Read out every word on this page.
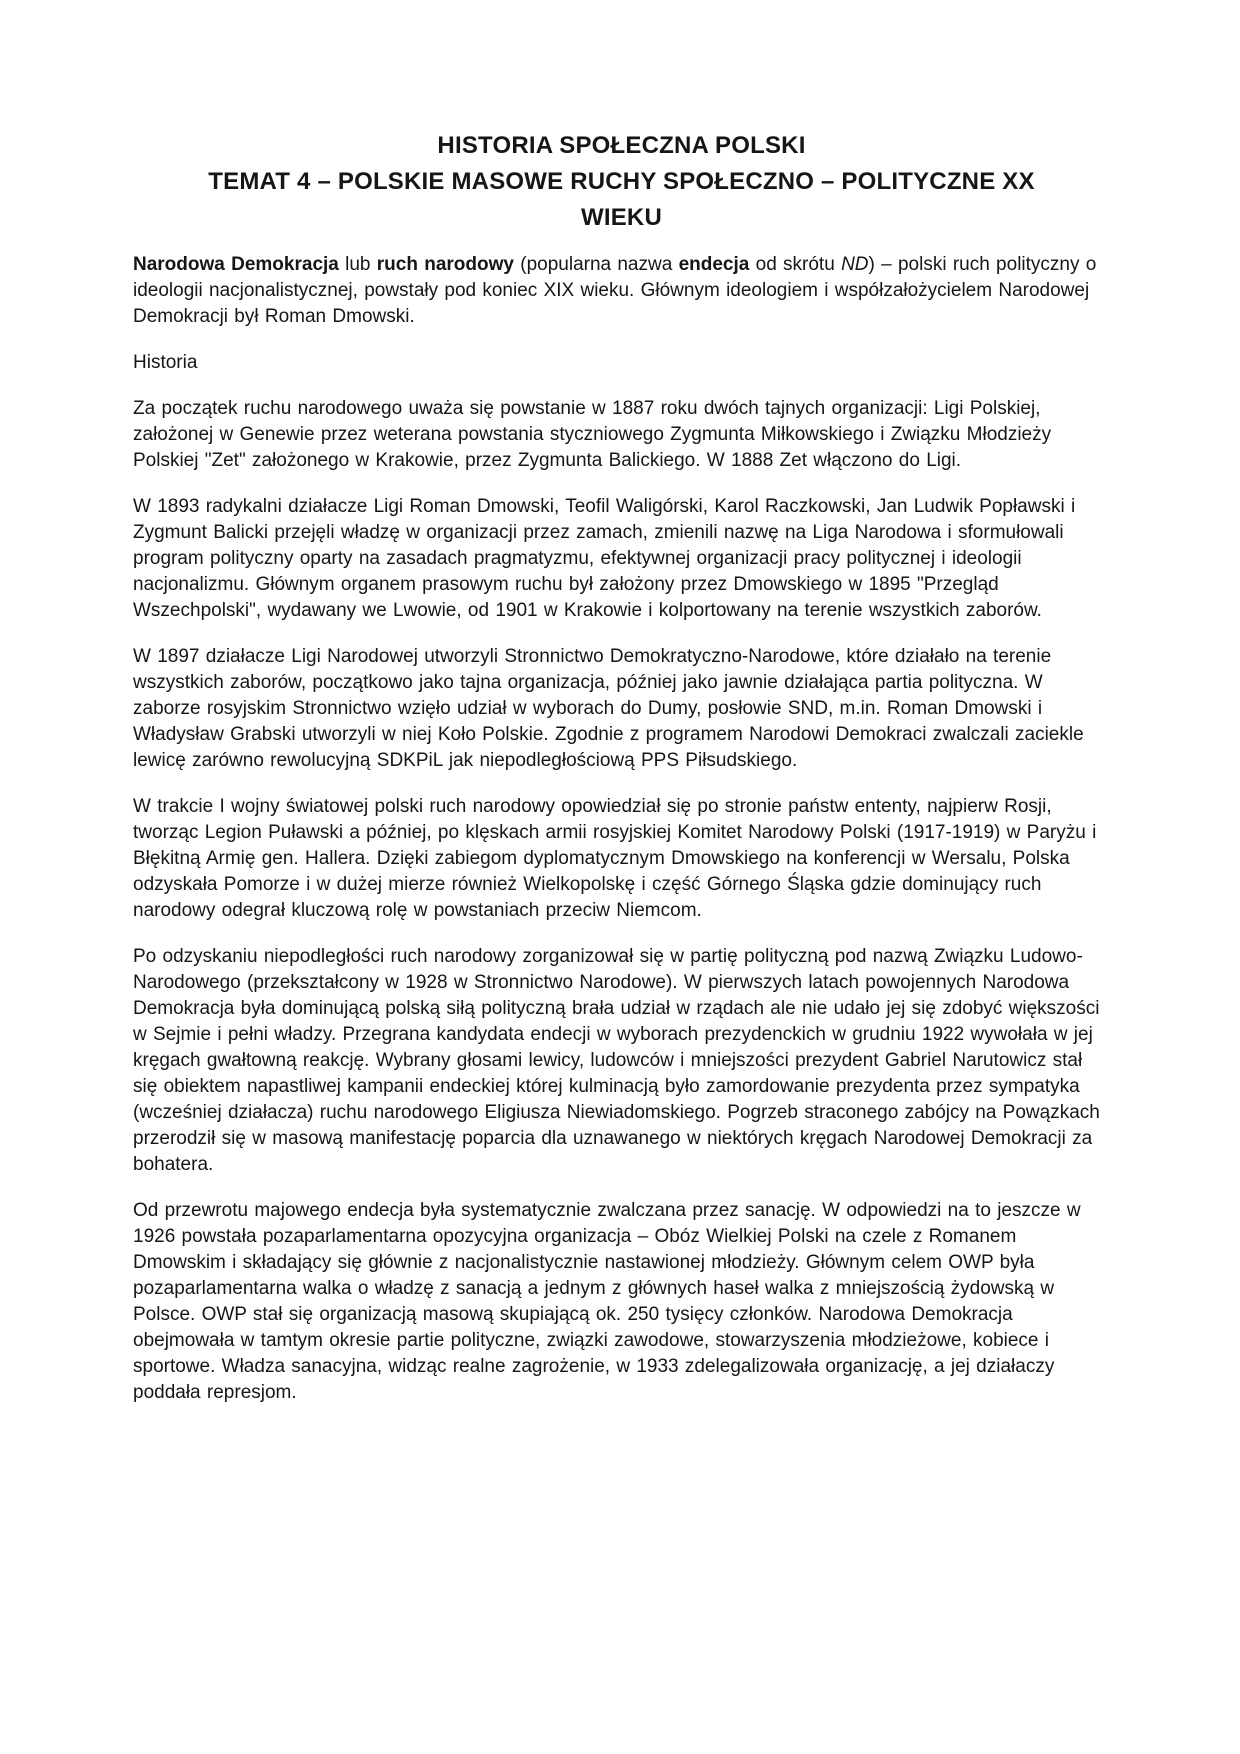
HISTORIA SPOŁECZNA POLSKI
TEMAT 4 – POLSKIE MASOWE RUCHY SPOŁECZNO – POLITYCZNE XX
WIEKU

Narodowa Demokracja lub ruch narodowy (popularna nazwa endecja od skrótu ND) – polski ruch polityczny o ideologii nacjonalistycznej, powstały pod koniec XIX wieku. Głównym ideologiem i współzałożycielem Narodowej Demokracji był Roman Dmowski.

Historia

Za początek ruchu narodowego uważa się powstanie w 1887 roku dwóch tajnych organizacji: Ligi Polskiej, założonej w Genewie przez weterana powstania styczniowego Zygmunta Miłkowskiego i Związku Młodzieży Polskiej "Zet" założonego w Krakowie, przez Zygmunta Balickiego. W 1888 Zet włączono do Ligi.

W 1893 radykalni działacze Ligi Roman Dmowski, Teofil Waligórski, Karol Raczkowski, Jan Ludwik Popławski i Zygmunt Balicki przejęli władzę w organizacji przez zamach, zmienili nazwę na Liga Narodowa i sformułowali program polityczny oparty na zasadach pragmatyzmu, efektywnej organizacji pracy politycznej i ideologii nacjonalizmu. Głównym organem prasowym ruchu był założony przez Dmowskiego w 1895 "Przegląd Wszechpolski", wydawany we Lwowie, od 1901 w Krakowie i kolportowany na terenie wszystkich zaborów.

W 1897 działacze Ligi Narodowej utworzyli Stronnictwo Demokratyczno-Narodowe, które działało na terenie wszystkich zaborów, początkowo jako tajna organizacja, później jako jawnie działająca partia polityczna. W zaborze rosyjskim Stronnictwo wzięło udział w wyborach do Dumy, posłowie SND, m.in. Roman Dmowski i Władysław Grabski utworzyli w niej Koło Polskie. Zgodnie z programem Narodowi Demokraci zwalczali zaciekle lewicę zarówno rewolucyjną SDKPiL jak niepodległościową PPS Piłsudskiego.

W trakcie I wojny światowej polski ruch narodowy opowiedział się po stronie państw ententy, najpierw Rosji, tworząc Legion Puławski a później, po klęskach armii rosyjskiej Komitet Narodowy Polski (1917-1919) w Paryżu i Błękitną Armię gen. Hallera. Dzięki zabiegom dyplomatycznym Dmowskiego na konferencji w Wersalu, Polska odzyskała Pomorze i w dużej mierze również Wielkopolskę i część Górnego Śląska gdzie dominujący ruch narodowy odegrał kluczową rolę w powstaniach przeciw Niemcom.

Po odzyskaniu niepodległości ruch narodowy zorganizował się w partię polityczną pod nazwą Związku Ludowo-Narodowego (przekształcony w 1928 w Stronnictwo Narodowe). W pierwszych latach powojennych Narodowa Demokracja była dominującą polską siłą polityczną brała udział w rządach ale nie udało jej się zdobyć większości w Sejmie i pełni władzy. Przegrana kandydata endecji w wyborach prezydenckich w grudniu 1922 wywołała w jej kręgach gwałtowną reakcję. Wybrany głosami lewicy, ludowców i mniejszości prezydent Gabriel Narutowicz stał się obiektem napastliwej kampanii endeckiej której kulminacją było zamordowanie prezydenta przez sympatyka (wcześniej działacza) ruchu narodowego Eligiusza Niewiadomskiego. Pogrzeb straconego zabójcy na Powązkach przerodził się w masową manifestację poparcia dla uznawanego w niektórych kręgach Narodowej Demokracji za bohatera.

Od przewrotu majowego endecja była systematycznie zwalczana przez sanację. W odpowiedzi na to jeszcze w 1926 powstała pozaparlamentarna opozycyjna organizacja – Obóz Wielkiej Polski na czele z Romanem Dmowskim i składający się głównie z nacjonalistycznie nastawionej młodzieży. Głównym celem OWP była pozaparlamentarna walka o władzę z sanacją a jednym z głównych haseł walka z mniejszością żydowską w Polsce. OWP stał się organizacją masową skupiającą ok. 250 tysięcy członków. Narodowa Demokracja obejmowała w tamtym okresie partie polityczne, związki zawodowe, stowarzyszenia młodzieżowe, kobiece i sportowe. Władza sanacyjna, widząc realne zagrożenie, w 1933 zdelegalizowała organizację, a jej działaczy poddała represjom.
